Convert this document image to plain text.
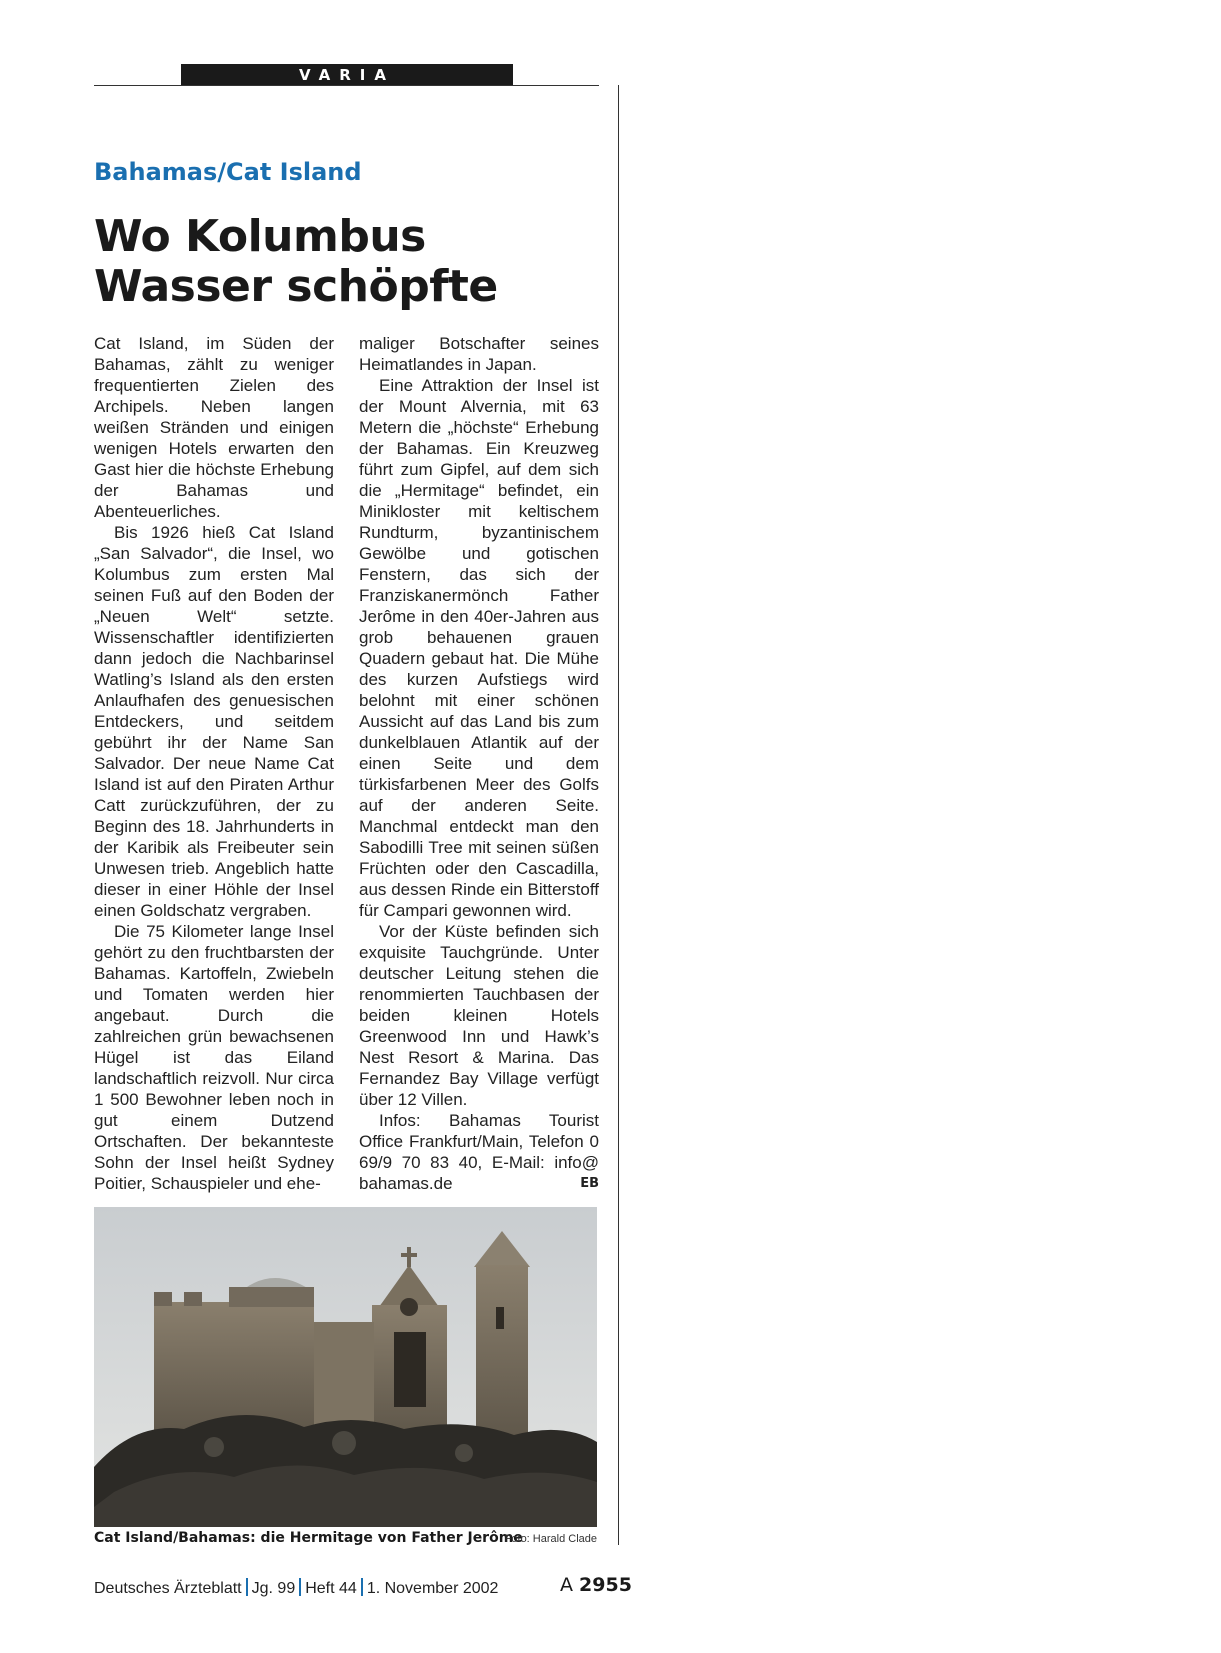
VARIA
Bahamas/Cat Island
Wo Kolumbus Wasser schöpfte

Cat Island, im Süden der Bahamas, zählt zu weniger frequentierten Zielen des Archipels. Neben langen weißen Stränden und einigen wenigen Hotels erwarten den Gast hier die höchste Erhebung der Bahamas und Abenteuerliches.

Bis 1926 hieß Cat Island „San Salvador“, die Insel, wo Kolumbus zum ersten Mal seinen Fuß auf den Boden der „Neuen Welt“ setzte. Wissenschaftler identifizierten dann jedoch die Nachbarinsel Watling’s Island als den ersten Anlaufhafen des genuesischen Entdeckers, und seitdem gebührt ihr der Name San Salvador. Der neue Name Cat Island ist auf den Piraten Arthur Catt zurückzuführen, der zu Beginn des 18. Jahrhunderts in der Karibik als Freibeuter sein Unwesen trieb. Angeblich hatte dieser in einer Höhle der Insel einen Goldschatz vergraben.

Die 75 Kilometer lange Insel gehört zu den fruchtbarsten der Bahamas. Kartoffeln, Zwiebeln und Tomaten werden hier angebaut. Durch die zahlreichen grün bewachsenen Hügel ist das Eiland landschaftlich reizvoll. Nur circa 1 500 Bewohner leben noch in gut einem Dutzend Ortschaften. Der bekannteste Sohn der Insel heißt Sydney Poitier, Schauspieler und ehe-

maliger Botschafter seines Heimatlandes in Japan.

Eine Attraktion der Insel ist der Mount Alvernia, mit 63 Metern die „höchste“ Erhebung der Bahamas. Ein Kreuzweg führt zum Gipfel, auf dem sich die „Hermitage“ befindet, ein Minikloster mit keltischem Rundturm, byzantinischem Gewölbe und gotischen Fenstern, das sich der Franziskanermönch Father Jerôme in den 40er-Jahren aus grob behauenen grauen Quadern gebaut hat. Die Mühe des kurzen Aufstiegs wird belohnt mit einer schönen Aussicht auf das Land bis zum dunkelblauen Atlantik auf der einen Seite und dem türkisfarbenen Meer des Golfs auf der anderen Seite. Manchmal entdeckt man den Sabodilli Tree mit seinen süßen Früchten oder den Cascadilla, aus dessen Rinde ein Bitterstoff für Campari gewonnen wird.

Vor der Küste befinden sich exquisite Tauchgründe. Unter deutscher Leitung stehen die renommierten Tauchbasen der beiden kleinen Hotels Greenwood Inn und Hawk’s Nest Resort & Marina. Das Fernandez Bay Village verfügt über 12 Villen.

Infos: Bahamas Tourist Office Frankfurt/Main, Telefon 0 69/9 70 83 40, E-Mail: info@ bahamas.de	EB

Cat Island/Bahamas: die Hermitage von Father Jerôme
Foto: Harald Clade
Deutsches Ärzteblatt Jg. 99 Heft 44 1. November 2002	A 2955
